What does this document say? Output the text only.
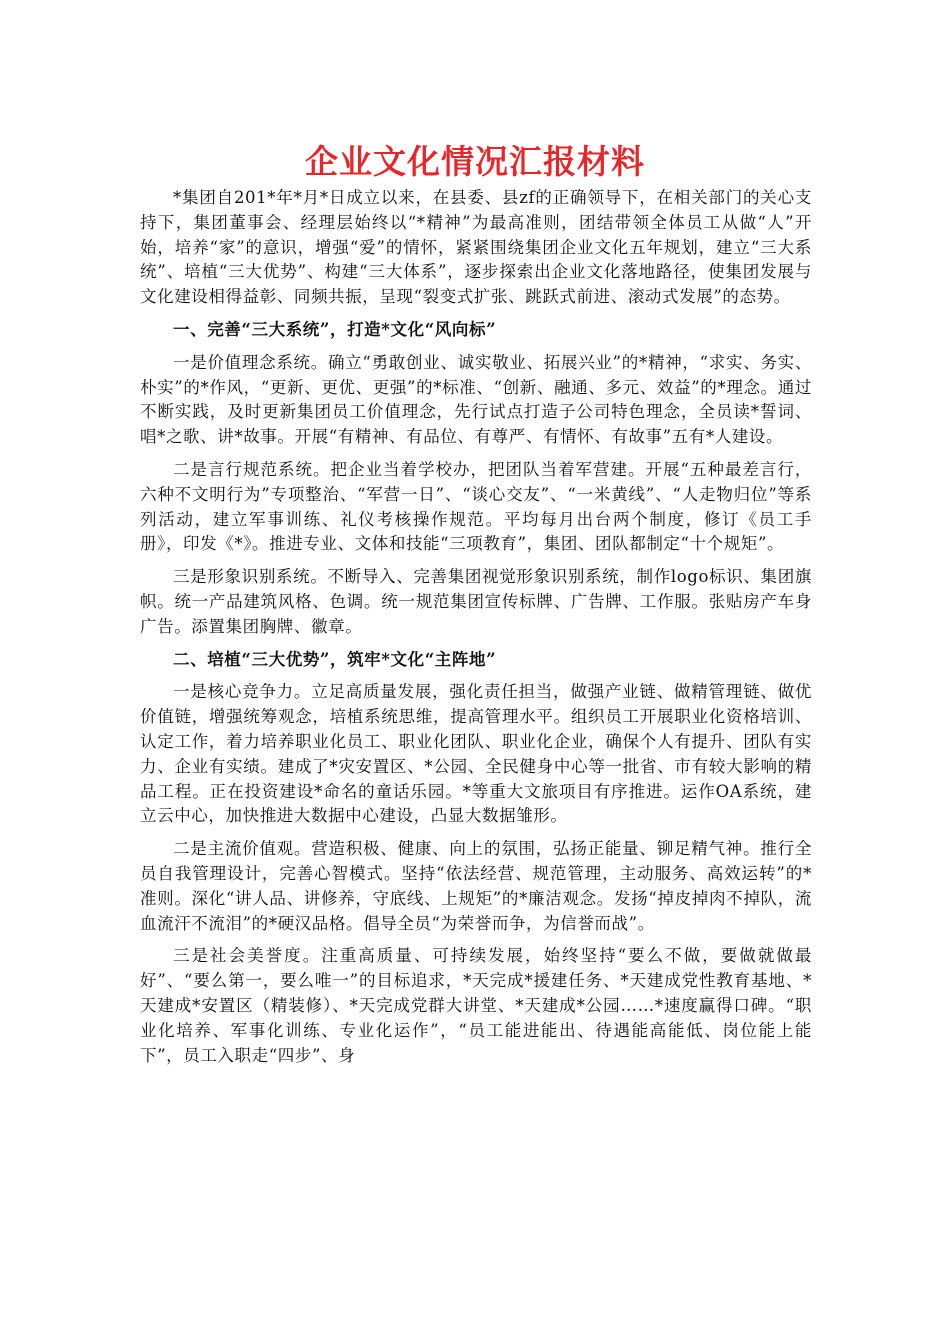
企业文化情况汇报材料

*集团自201*年*月*日成立以来，在县委、县zf的正确领导下，在相关部门的关心支持下，集团董事会、经理层始终以“*精神”为最高准则，团结带领全体员工从做“人”开始，培养“家”的意识，增强“爱”的情怀，紧紧围绕集团企业文化五年规划，建立“三大系统”、培植“三大优势”、构建“三大体系”，逐步探索出企业文化落地路径，使集团发展与文化建设相得益彰、同频共振，呈现“裂变式扩张、跳跃式前进、滚动式发展”的态势。

一、完善“三大系统”，打造*文化“风向标”

一是价值理念系统。确立“勇敢创业、诚实敬业、拓展兴业”的*精神，“求实、务实、朴实”的*作风，“更新、更优、更强”的*标准、“创新、融通、多元、效益”的*理念。通过不断实践，及时更新集团员工价值理念，先行试点打造子公司特色理念，全员读*誓词、唱*之歌、讲*故事。开展“有精神、有品位、有尊严、有情怀、有故事”五有*人建设。

二是言行规范系统。把企业当着学校办，把团队当着军营建。开展“五种最差言行，六种不文明行为”专项整治、“军营一日”、“谈心交友”、“一米黄线”、“人走物归位”等系列活动，建立军事训练、礼仪考核操作规范。平均每月出台两个制度，修订《员工手册》，印发《*》。推进专业、文体和技能“三项教育”，集团、团队都制定“十个规矩”。

三是形象识别系统。不断导入、完善集团视觉形象识别系统，制作logo标识、集团旗帜。统一产品建筑风格、色调。统一规范集团宣传标牌、广告牌、工作服。张贴房产车身广告。添置集团胸牌、徽章。

二、培植“三大优势”，筑牢*文化“主阵地”

一是核心竞争力。立足高质量发展，强化责任担当，做强产业链、做精管理链、做优价值链，增强统筹观念，培植系统思维，提高管理水平。组织员工开展职业化资格培训、认定工作，着力培养职业化员工、职业化团队、职业化企业，确保个人有提升、团队有实力、企业有实绩。建成了*灾安置区、*公园、全民健身中心等一批省、市有较大影响的精品工程。正在投资建设*命名的童话乐园。*等重大文旅项目有序推进。运作OA系统，建立云中心，加快推进大数据中心建设，凸显大数据雏形。

二是主流价值观。营造积极、健康、向上的氛围，弘扬正能量、铆足精气神。推行全员自我管理设计，完善心智模式。坚持“依法经营、规范管理，主动服务、高效运转”的*准则。深化“讲人品、讲修养，守底线、上规矩”的*廉洁观念。发扬“掉皮掉肉不掉队，流血流汗不流泪”的*硬汉品格。倡导全员“为荣誉而争，为信誉而战”。

三是社会美誉度。注重高质量、可持续发展，始终坚持“要么不做，要做就做最好”、“要么第一，要么唯一”的目标追求，*天完成*援建任务、*天建成党性教育基地、*天建成*安置区（精装修）、*天完成党群大讲堂、*天建成*公园……*速度赢得口碑。“职业化培养、军事化训练、专业化运作”，“员工能进能出、待遇能高能低、岗位能上能下”，员工入职走“四步”、身
